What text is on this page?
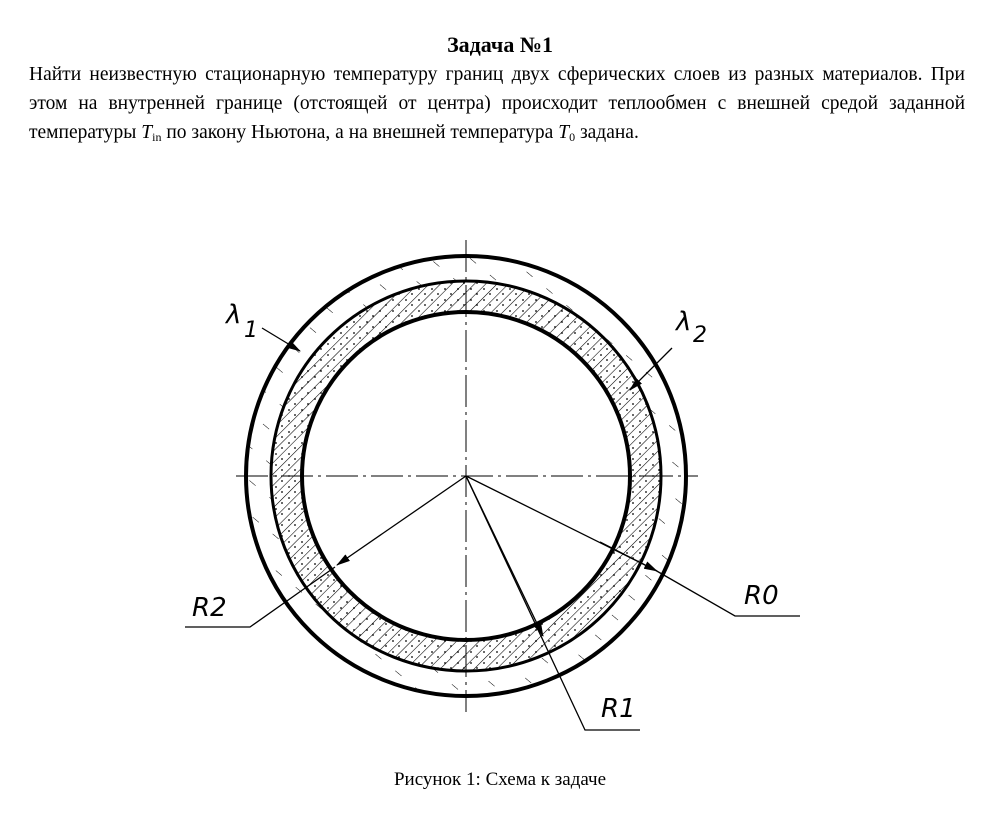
Задача №1

Найти неизвестную стационарную температуру границ двух сферических слоев из разных материалов. При этом на внутренней границе (отстоящей от центра) происходит теплообмен с внешней средой заданной температуры $T_{in}$ по закону Ньютона, а на внешней температура $T_0$ задана.

λ
1	λ 2
R2	R0
R1

Рисунок 1: Схема к задаче
